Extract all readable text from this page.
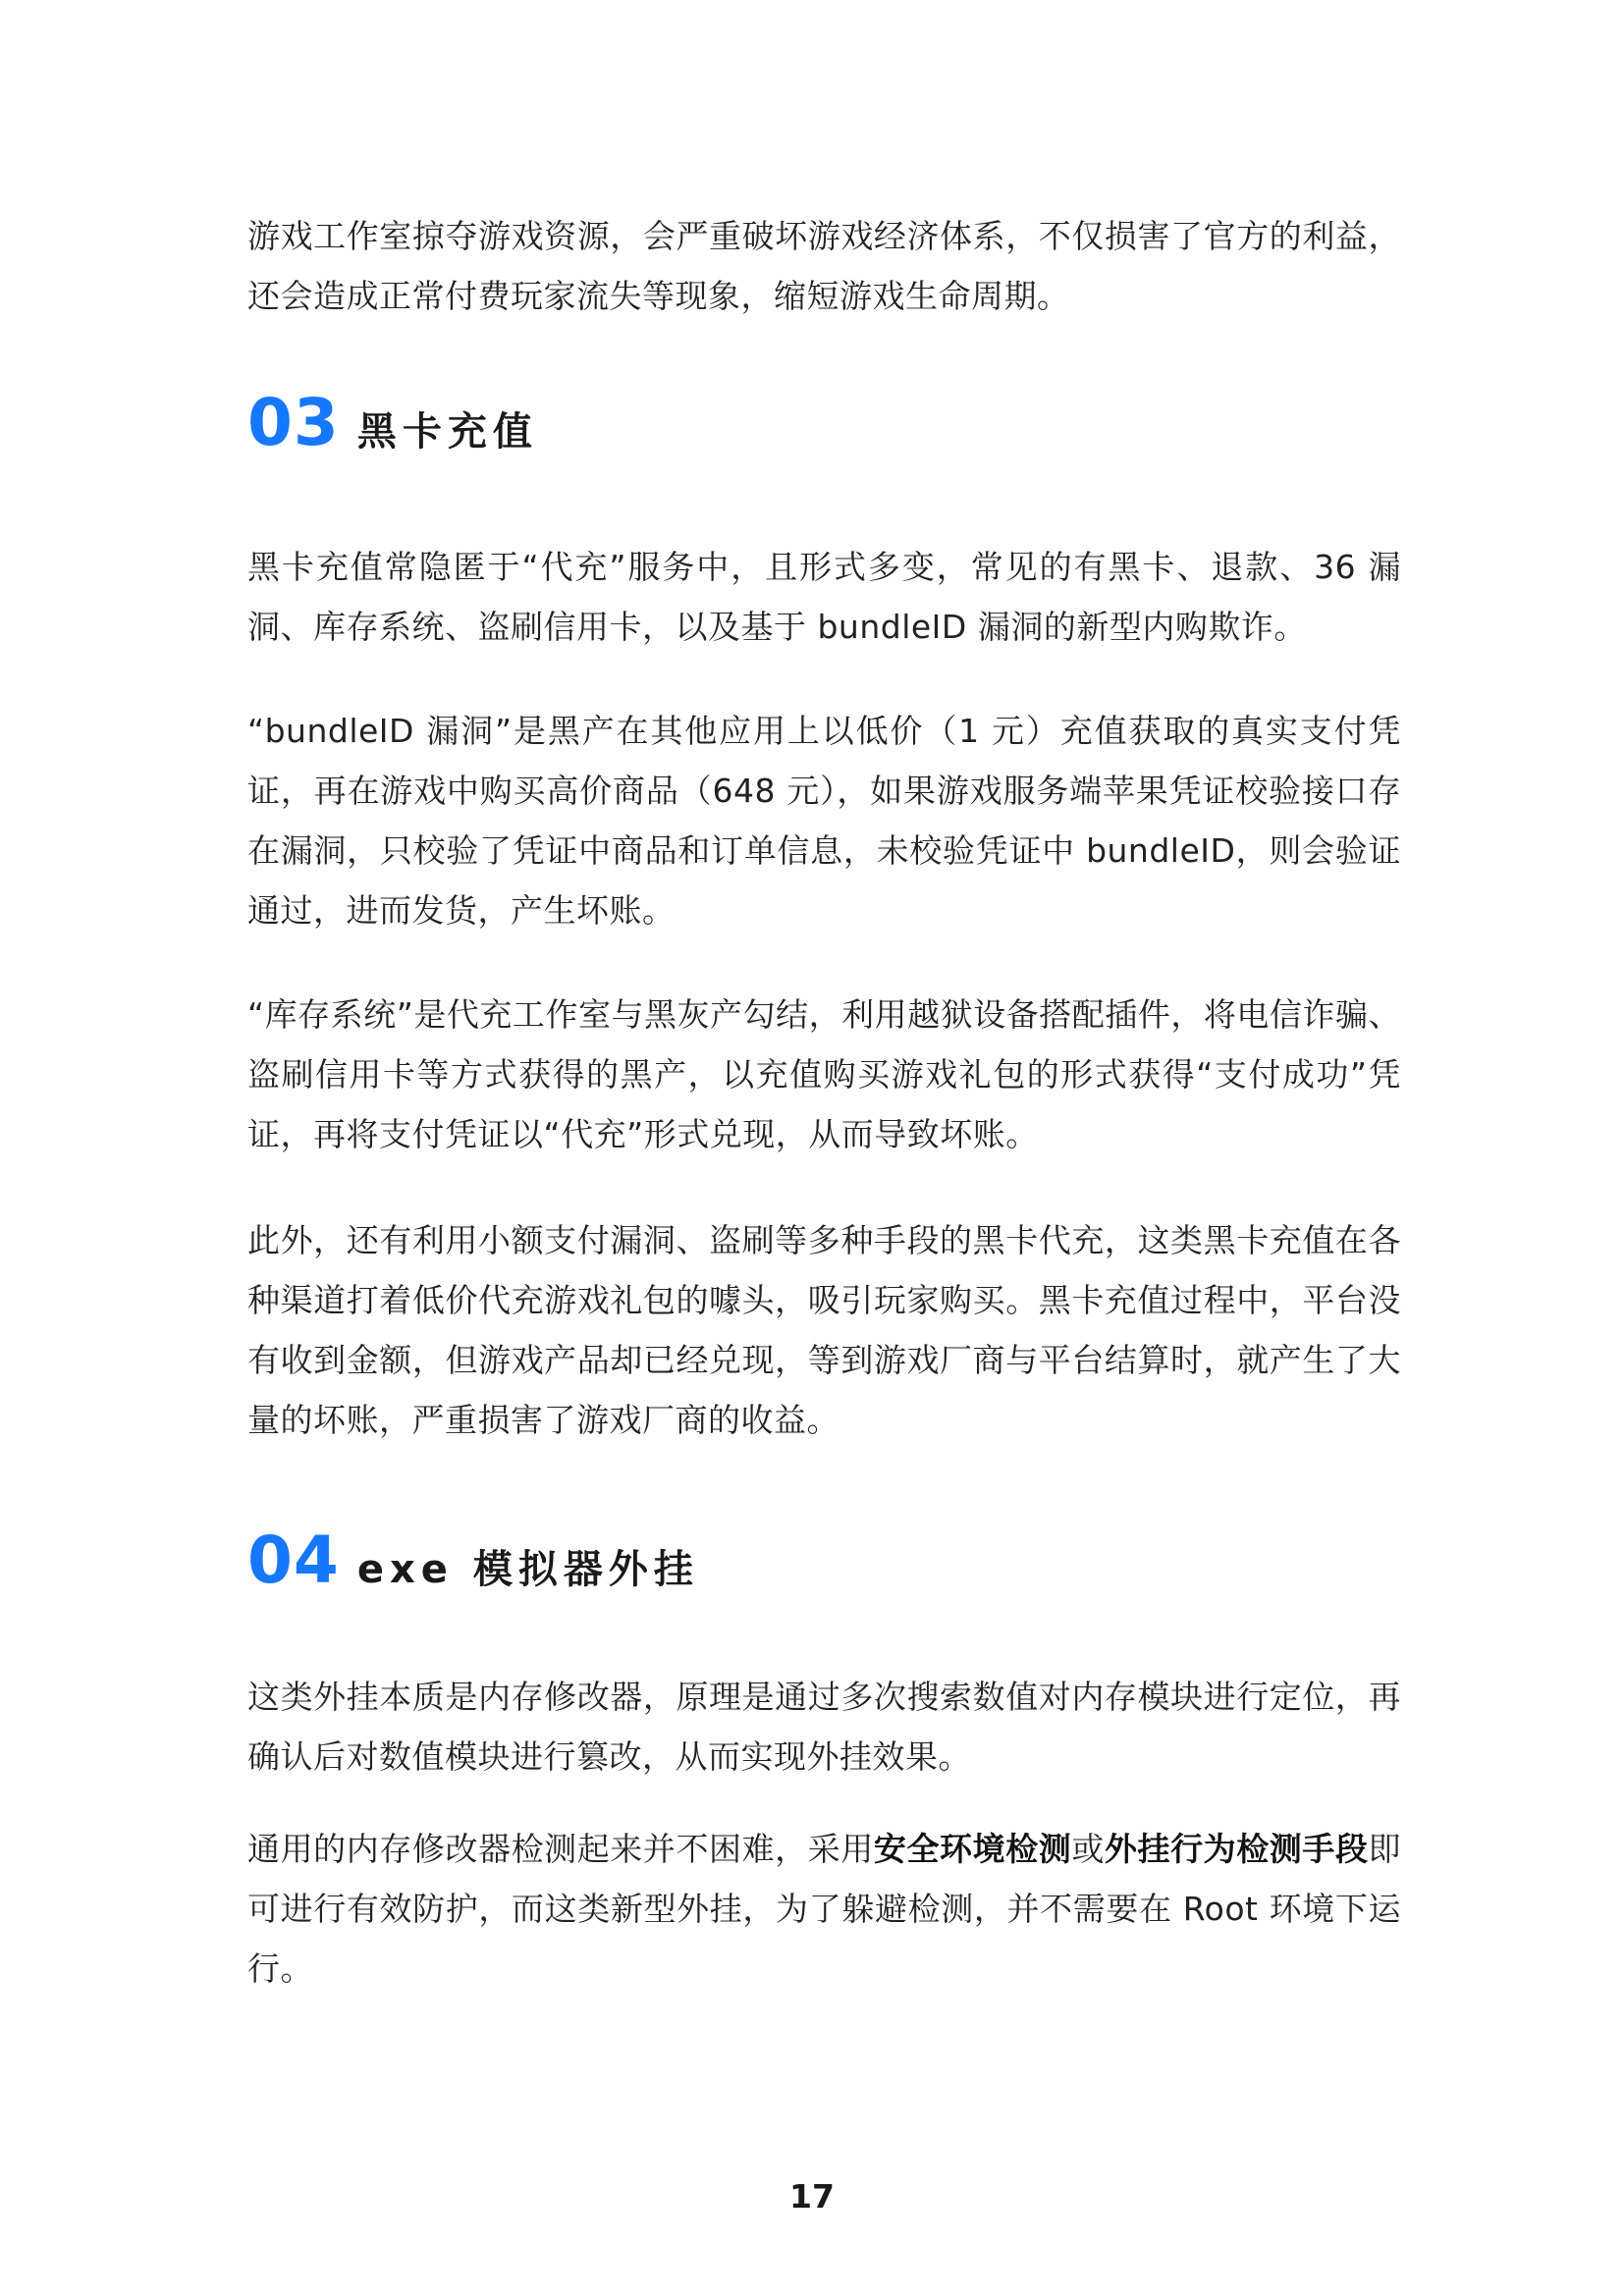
游戏工作室掠夺游戏资源，会严重破坏游戏经济体系，不仅损害了官方的利益，还会造成正常付费玩家流失等现象，缩短游戏生命周期。

03 黑卡充值

黑卡充值常隐匿于“代充”服务中，且形式多变，常见的有黑卡、退款、36 漏洞、库存系统、盗刷信用卡，以及基于 bundleID 漏洞的新型内购欺诈。

“bundleID 漏洞”是黑产在其他应用上以低价（1 元）充值获取的真实支付凭证，再在游戏中购买高价商品（648 元），如果游戏服务端苹果凭证校验接口存在漏洞，只校验了凭证中商品和订单信息，未校验凭证中 bundleID，则会验证通过，进而发货，产生坏账。

“库存系统”是代充工作室与黑灰产勾结，利用越狱设备搭配插件，将电信诈骗、盗刷信用卡等方式获得的黑产，以充值购买游戏礼包的形式获得“支付成功”凭证，再将支付凭证以“代充”形式兑现，从而导致坏账。

此外，还有利用小额支付漏洞、盗刷等多种手段的黑卡代充，这类黑卡充值在各种渠道打着低价代充游戏礼包的噱头，吸引玩家购买。黑卡充值过程中，平台没有收到金额，但游戏产品却已经兑现，等到游戏厂商与平台结算时，就产生了大量的坏账，严重损害了游戏厂商的收益。

04 exe 模拟器外挂

这类外挂本质是内存修改器，原理是通过多次搜索数值对内存模块进行定位，再确认后对数值模块进行篡改，从而实现外挂效果。

通用的内存修改器检测起来并不困难，采用安全环境检测或外挂行为检测手段即可进行有效防护，而这类新型外挂，为了躲避检测，并不需要在 Root 环境下运行。

17
